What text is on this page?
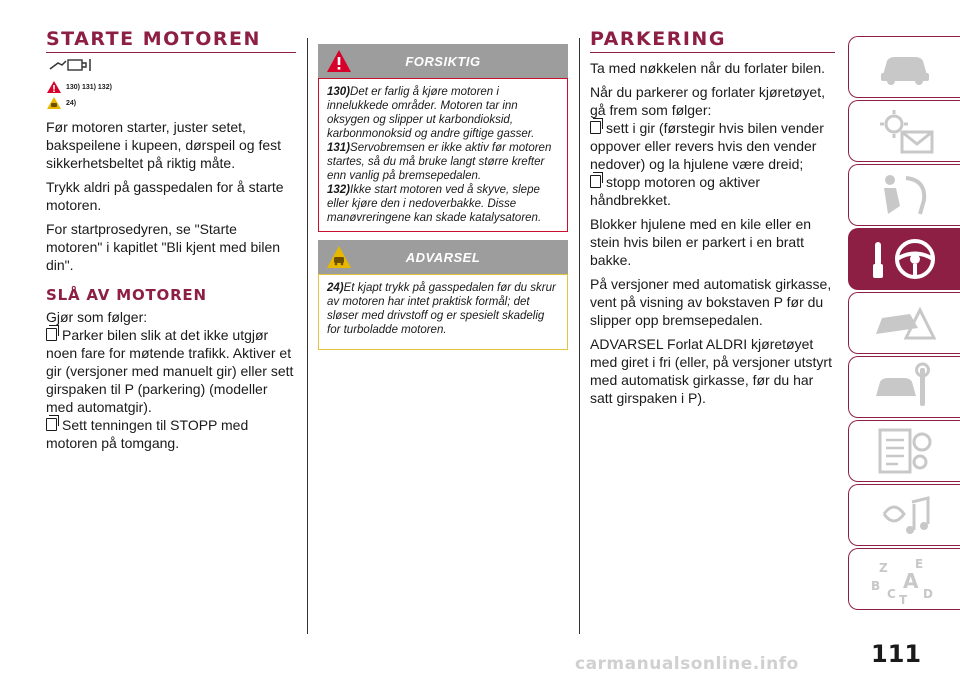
STARTE MOTOREN
130) 131) 132)
24)

Før motoren starter, juster setet, bakspeilene i kupeen, dørspeil og fest sikkerhetsbeltet på riktig måte.

Trykk aldri på gasspedalen for å starte motoren.

For startprosedyren, se "Starte motoren" i kapitlet "Bli kjent med bilen din".

SLÅ AV MOTOREN

Gjør som følger:

Parker bilen slik at det ikke utgjør noen fare for møtende trafikk. Aktiver et gir (versjoner med manuelt gir) eller sett girspaken til P (parkering) (modeller med automatgir).

Sett tenningen til STOPP med motoren på tomgang.

FORSIKTIG
130)Det er farlig å kjøre motoren i innelukkede områder. Motoren tar inn oksygen og slipper ut karbondioksid, karbonmonoksid og andre giftige gasser.
131)Servobremsen er ikke aktiv før motoren startes, så du må bruke langt større krefter enn vanlig på bremsepedalen.
132)Ikke start motoren ved å skyve, slepe eller kjøre den i nedoverbakke. Disse manøvreringene kan skade katalysatoren.
ADVARSEL
24)Et kjapt trykk på gasspedalen før du skrur av motoren har intet praktisk formål; det sløser med drivstoff og er spesielt skadelig for turboladde motoren.
PARKERING

Ta med nøkkelen når du forlater bilen.

Når du parkerer og forlater kjøretøyet, gå frem som følger:

sett i gir (førstegir hvis bilen vender oppover eller revers hvis den vender nedover) og la hjulene være dreid;

stopp motoren og aktiver håndbrekket.

Blokker hjulene med en kile eller en stein hvis bilen er parkert i en bratt bakke.

På versjoner med automatisk girkasse, vent på visning av bokstaven P før du slipper opp bremsepedalen.

ADVARSEL Forlat ALDRI kjøretøyet med giret i fri (eller, på versjoner utstyrt med automatisk girkasse, før du har satt girspaken i P).

Z E
B A
C D
T
111
carmanualsonline.info
